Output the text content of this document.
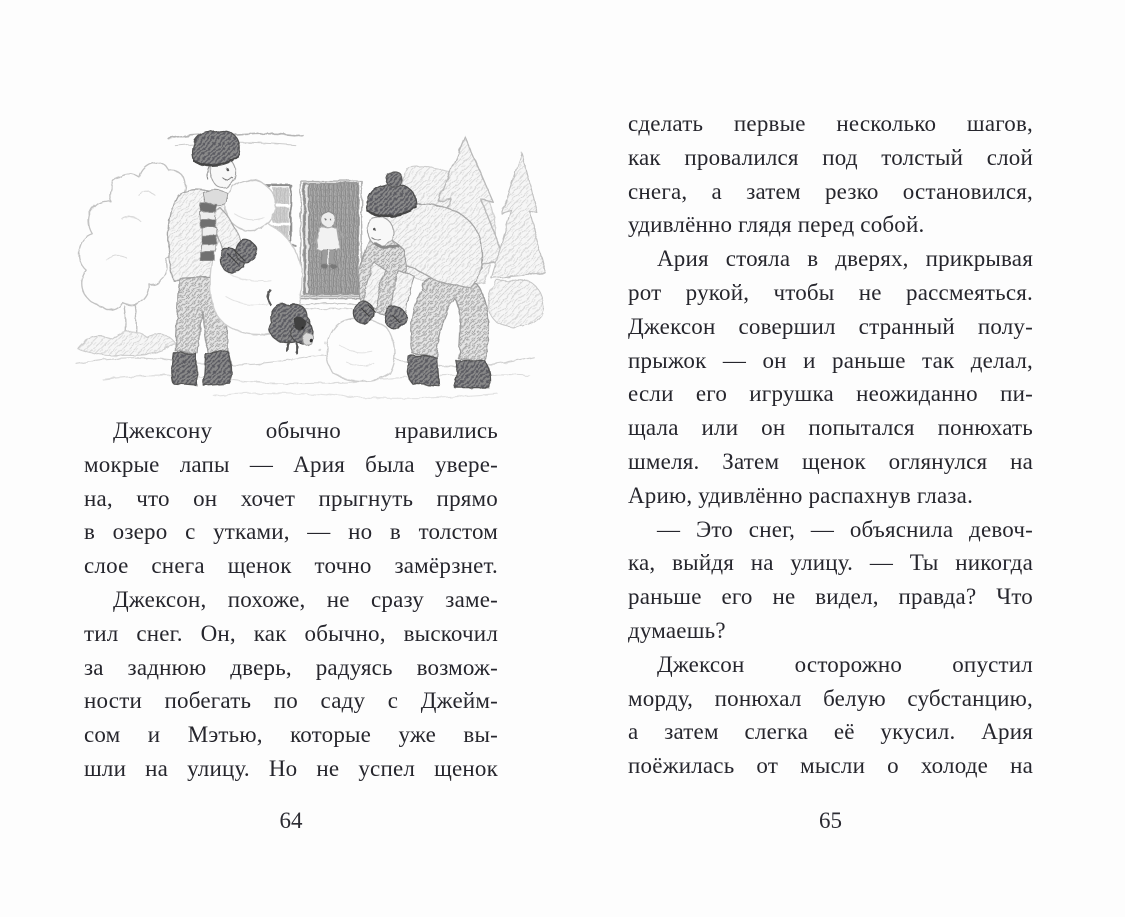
Джексону обычно нравились
мокрые лапы — Ария была увере-
на, что он хочет прыгнуть прямо
в озеро с утками, — но в толстом
слое снега щенок точно замёрзнет.
Джексон, похоже, не сразу заме-
тил снег. Он, как обычно, выскочил
за заднюю дверь, радуясь возмож-
ности побегать по саду с Джейм-
сом и Мэтью, которые уже вы-
шли на улицу. Но не успел щенок
сделать первые несколько шагов,
как провалился под толстый слой
снега, а затем резко остановился,
удивлённо глядя перед собой.
Ария стояла в дверях, прикрывая
рот рукой, чтобы не рассмеяться.
Джексон совершил странный полу-
прыжок — он и раньше так делал,
если его игрушка неожиданно пи-
щала или он попытался понюхать
шмеля. Затем щенок оглянулся на
Арию, удивлённо распахнув глаза.
— Это снег, — объяснила девоч-
ка, выйдя на улицу. — Ты никогда
раньше его не видел, правда? Что
думаешь?
Джексон осторожно опустил
морду, понюхал белую субстанцию,
а затем слегка её укусил. Ария
поёжилась от мысли о холоде на
64	65
